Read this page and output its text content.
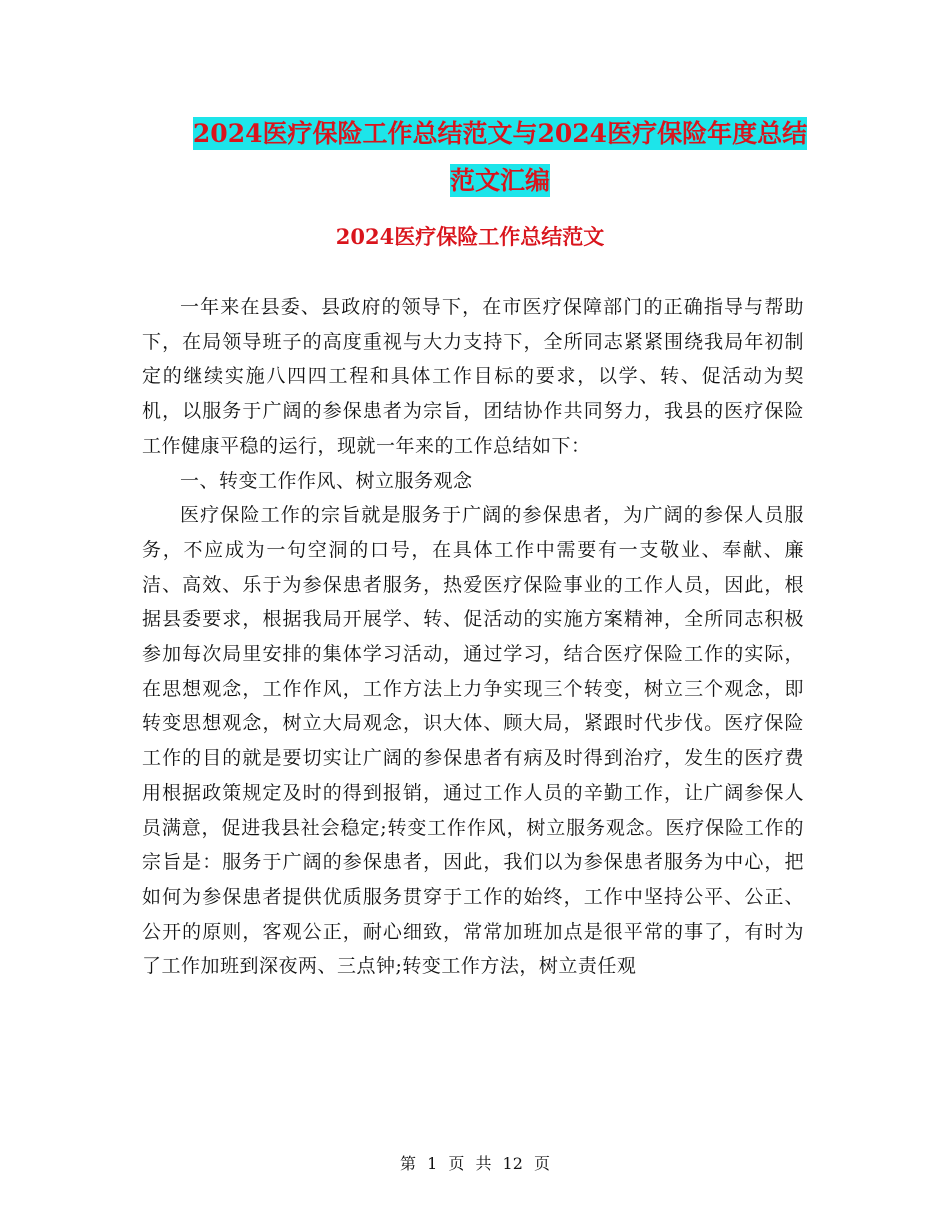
2024医疗保险工作总结范文与2024医疗保险年度总结
范文汇编
2024医疗保险工作总结范文

一年来在县委、县政府的领导下，在市医疗保障部门的正确指导与帮助下，在局领导班子的高度重视与大力支持下，全所同志紧紧围绕我局年初制定的继续实施八四四工程和具体工作目标的要求，以学、转、促活动为契机，以服务于广阔的参保患者为宗旨，团结协作共同努力，我县的医疗保险工作健康平稳的运行，现就一年来的工作总结如下：

一、转变工作作风、树立服务观念

医疗保险工作的宗旨就是服务于广阔的参保患者，为广阔的参保人员服务，不应成为一句空洞的口号，在具体工作中需要有一支敬业、奉献、廉洁、高效、乐于为参保患者服务，热爱医疗保险事业的工作人员，因此，根据县委要求，根据我局开展学、转、促活动的实施方案精神，全所同志积极参加每次局里安排的集体学习活动，通过学习，结合医疗保险工作的实际，在思想观念，工作作风，工作方法上力争实现三个转变，树立三个观念，即转变思想观念，树立大局观念，识大体、顾大局，紧跟时代步伐。医疗保险工作的目的就是要切实让广阔的参保患者有病及时得到治疗，发生的医疗费用根据政策规定及时的得到报销，通过工作人员的辛勤工作，让广阔参保人员满意，促进我县社会稳定;转变工作作风，树立服务观念。医疗保险工作的宗旨是：服务于广阔的参保患者，因此，我们以为参保患者服务为中心，把如何为参保患者提供优质服务贯穿于工作的始终，工作中坚持公平、公正、公开的原则，客观公正，耐心细致，常常加班加点是很平常的事了，有时为了工作加班到深夜两、三点钟;转变工作方法，树立责任观

第 1 页 共 12 页
